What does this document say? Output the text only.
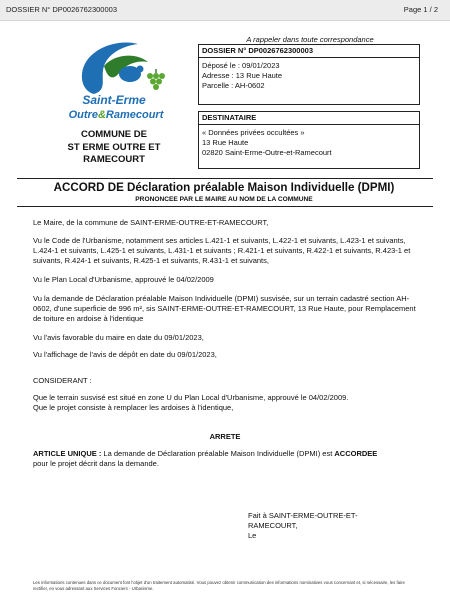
DOSSIER N° DP0026762300003	Page 1 / 2
Saint-Erme
Outre&Ramecourt
COMMUNE DE
ST ERME OUTRE ET
RAMECOURT
A rappeler dans toute correspondance
DOSSIER N° DP0026762300003
Déposé le : 09/01/2023
Adresse : 13 Rue Haute
Parcelle : AH-0602
DESTINATAIRE
« Données privées occultées »
13 Rue Haute
02820 Saint-Erme-Outre-et-Ramecourt
ACCORD DE Déclaration préalable Maison Individuelle (DPMI)
PRONONCEE PAR LE MAIRE AU NOM DE LA COMMUNE

Le Maire, de la commune de SAINT-ERME-OUTRE-ET-RAMECOURT,

Vu le Code de l'Urbanisme, notamment ses articles L.421-1 et suivants, L.422-1 et suivants, L.423-1 et suivants, L.424-1 et suivants, L.425-1 et suivants, L.431-1 et suivants ; R.421-1 et suivants, R.422-1 et suivants, R.423-1 et suivants, R.424-1 et suivants, R.425-1 et suivants, R.431-1 et suivants,

Vu le Plan Local d'Urbanisme, approuvé le 04/02/2009

Vu la demande de Déclaration préalable Maison Individuelle (DPMI) susvisée, sur un terrain cadastré section AH-0602, d'une superficie de 996 m², sis SAINT-ERME-OUTRE-ET-RAMECOURT, 13 Rue Haute, pour Remplacement de toiture en ardoise à l'identique

Vu l'avis favorable du maire en date du 09/01/2023,

Vu l'affichage de l'avis de dépôt en date du 09/01/2023,

CONSIDERANT :

Que le terrain susvisé est situé en zone U du Plan Local d'Urbanisme, approuvé le 04/02/2009.

Que le projet consiste à remplacer les ardoises à l'identique,

ARRETE

ARTICLE UNIQUE : La demande de Déclaration préalable Maison Individuelle (DPMI) est ACCORDEE

pour le projet décrit dans la demande.

Fait à SAINT-ERME-OUTRE-ET-
RAMECOURT,
Le
Les informations contenues dans ce document font l'objet d'un traitement automatisé. Vous pouvez obtenir communication des informations nominatives vous concernant et, si nécessaire, les faire rectifier, en vous adressant aux Services Fonciers - Urbanisme.
